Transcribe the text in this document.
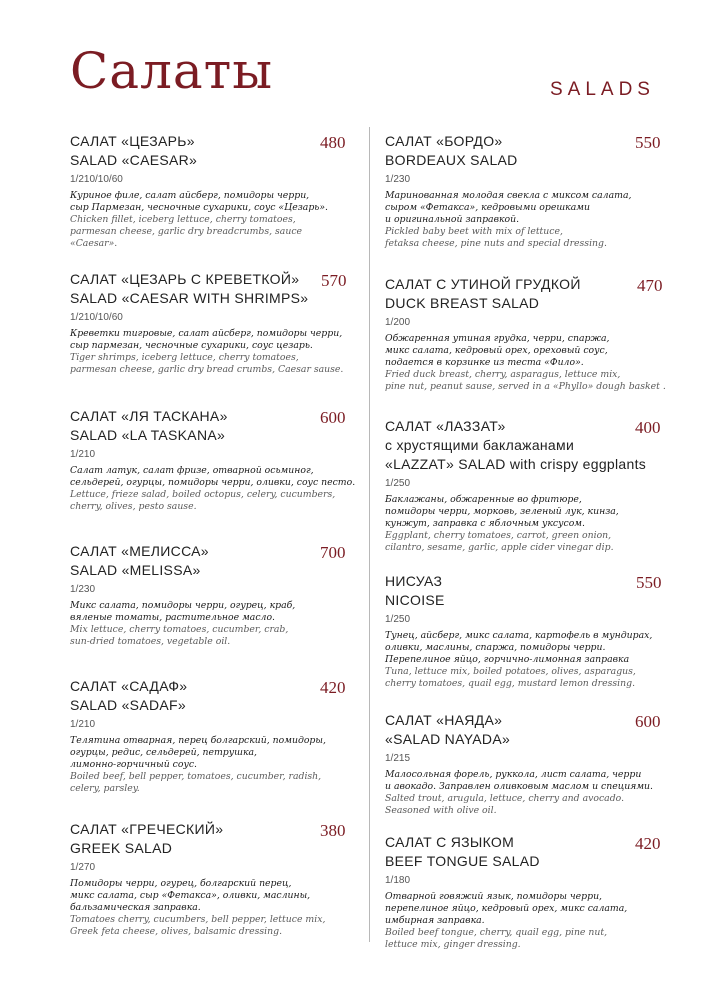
Салаты	SALADS
САЛАТ «ЦЕЗАРЬ»
SALAD «CAESAR»
480
1/210/10/60
Куриное филе, салат айсберг, помидоры черри,
сыр Пармезан, чесночные сухарики, соус «Цезарь».
Chicken fillet, iceberg lettuce, cherry tomatoes,
parmesan cheese, garlic dry breadcrumbs, sauce «Caesar».
САЛАТ «ЦЕЗАРЬ С КРЕВЕТКОЙ»
SALAD «CAESAR WITH SHRIMPS»
570
1/210/10/60
Креветки тигровые, салат айсберг, помидоры черри,
сыр пармезан, чесночные сухарики, соус цезарь.
Tiger shrimps, iceberg lettuce, cherry tomatoes,
parmesan cheese, garlic dry bread crumbs, Caesar sause.
САЛАТ «ЛЯ ТАСКАНА»
SALAD «LA TASKANA»
600
1/210
Салат латук, салат фризе, отварной осьминог,
сельдерей, огурцы, помидоры черри, оливки, соус песто.
Lettuce, frieze salad, boiled octopus, celery, cucumbers,
cherry, olives, pesto sause.
САЛАТ «МЕЛИССА»
SALAD «MELISSA»
700
1/230
Микс салата, помидоры черри, огурец, краб,
вяленые томаты, растительное масло.
Mix lettuce, cherry tomatoes, cucumber, crab,
sun-dried tomatoes, vegetable oil.
САЛАТ «САДАФ»
SALAD «SADAF»
420
1/210
Телятина отварная, перец болгарский, помидоры,
огурцы, редис, сельдерей, петрушка,
лимонно-горчичный соус.
Boiled beef, bell pepper, tomatoes, cucumber, radish,
celery, parsley.
САЛАТ «ГРЕЧЕСКИЙ»
GREEK SALAD
380
1/270
Помидоры черри, огурец, болгарский перец,
микс салата, сыр «Фетакса», оливки, маслины,
бальзамическая заправка.
Tomatoes cherry, cucumbers, bell pepper, lettuce mix,
Greek feta cheese, olives, balsamic dressing.
САЛАТ «БОРДО»
BORDEAUX SALAD
550
1/230
Маринованная молодая свекла с миксом салата,
сыром «Фетакса», кедровыми орешками
и оригинальной заправкой.
Pickled baby beet with mix of lettuce,
fetaksa cheese, pine nuts and special dressing.
САЛАТ С УТИНОЙ ГРУДКОЙ
DUCK BREAST SALAD
470
1/200
Обжаренная утиная грудка, черри, спаржа,
микс салата, кедровый орех, ореховый соус,
подается в корзинке из теста «Фило».
Fried duck breast, cherry, asparagus, lettuce mix,
pine nut, peanut sause, served in a «Phyllo» dough basket .
САЛАТ «ЛАЗЗАТ»
с хрустящими баклажанами
«LAZZAT» SALAD with crispy eggplants
400
1/250
Баклажаны, обжаренные во фритюре,
помидоры черри, морковь, зеленый лук, кинза,
кунжут, заправка с яблочным уксусом.
Eggplant, cherry tomatoes, carrot, green onion,
cilantro, sesame, garlic, apple cider vinegar dip.
НИСУАЗ
NICOISE
550
1/250
Тунец, айсберг, микс салата, картофель в мундирах,
оливки, маслины, спаржа, помидоры черри.
Перепелиное яйцо, горчично-лимонная заправка
Tuna, lettuce mix, boiled potatoes, olives, asparagus,
cherry tomatoes, quail egg, mustard lemon dressing.
САЛАТ «НАЯДА»
«SALAD NAYADA»
600
1/215
Малосольная форель, руккола, лист салата, черри
и авокадо. Заправлен оливковым маслом и специями.
Salted trout, arugula, lettuce, cherry and avocado.
Seasoned with olive oil.
САЛАТ С ЯЗЫКОМ
BEEF TONGUE SALAD
420
1/180
Отварной говяжий язык, помидоры черри,
перепелиное яйцо, кедровый орех, микс салата,
имбирная заправка.
Boiled beef tongue, cherry, quail egg, pine nut,
lettuce mix, ginger dressing.
